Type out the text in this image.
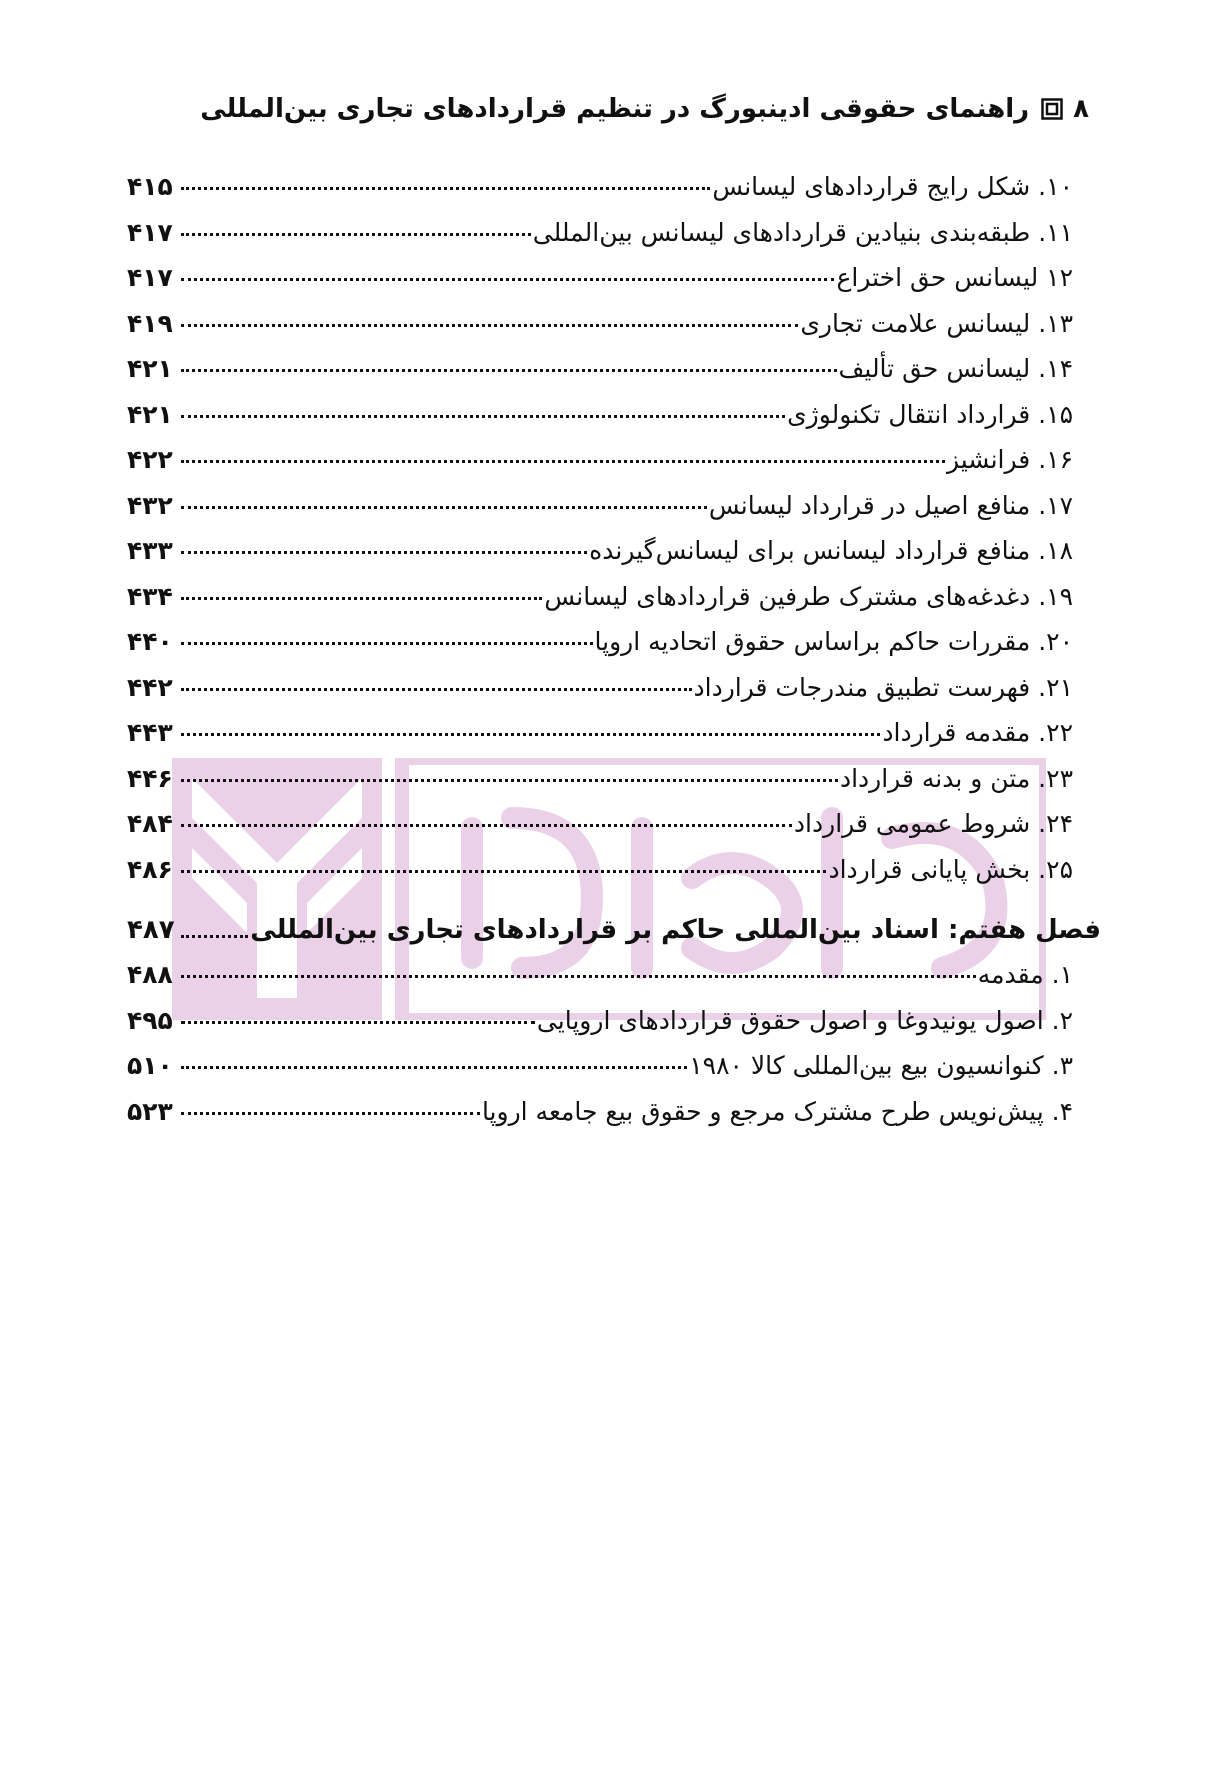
۸
راهنمای حقوقی ادینبورگ در تنظیم قراردادهای تجاری بین‌المللی
۱۰. شکل رایج قراردادهای لیسانس
۴۱۵
۱۱. طبقه‌بندی بنیادین قراردادهای لیسانس بین‌المللی
۴۱۷
۱۲ لیسانس حق اختراع
۴۱۷
۱۳. لیسانس علامت تجاری
۴۱۹
۱۴. لیسانس حق تألیف
۴۲۱
۱۵. قرارداد انتقال تکنولوژی
۴۲۱
۱۶. فرانشیز
۴۲۲
۱۷. منافع اصیل در قرارداد لیسانس
۴۳۲
۱۸. منافع قرارداد لیسانس برای لیسانس‌گیرنده
۴۳۳
۱۹. دغدغه‌های مشترک طرفین قراردادهای لیسانس
۴۳۴
۲۰. مقررات حاکم براساس حقوق اتحادیه اروپا
۴۴۰
۲۱. فهرست تطبیق مندرجات قرارداد
۴۴۲
۲۲. مقدمه قرارداد
۴۴۳
۲۳. متن و بدنه قرارداد
۴۴۶
۲۴. شروط عمومی قرارداد
۴۸۴
۲۵. بخش پایانی قرارداد
۴۸۶
فصل هفتم: اسناد بین‌المللی حاکم بر قراردادهای تجاری بین‌المللی
۴۸۷
۱. مقدمه
۴۸۸
۲. اصول یونیدوغا و اصول حقوق قراردادهای اروپایی
۴۹۵
۳. کنوانسیون بیع بین‌المللی کالا ۱۹۸۰
۵۱۰
۴. پیش‌نویس طرح مشترک مرجع و حقوق بیع جامعه اروپا
۵۲۳
